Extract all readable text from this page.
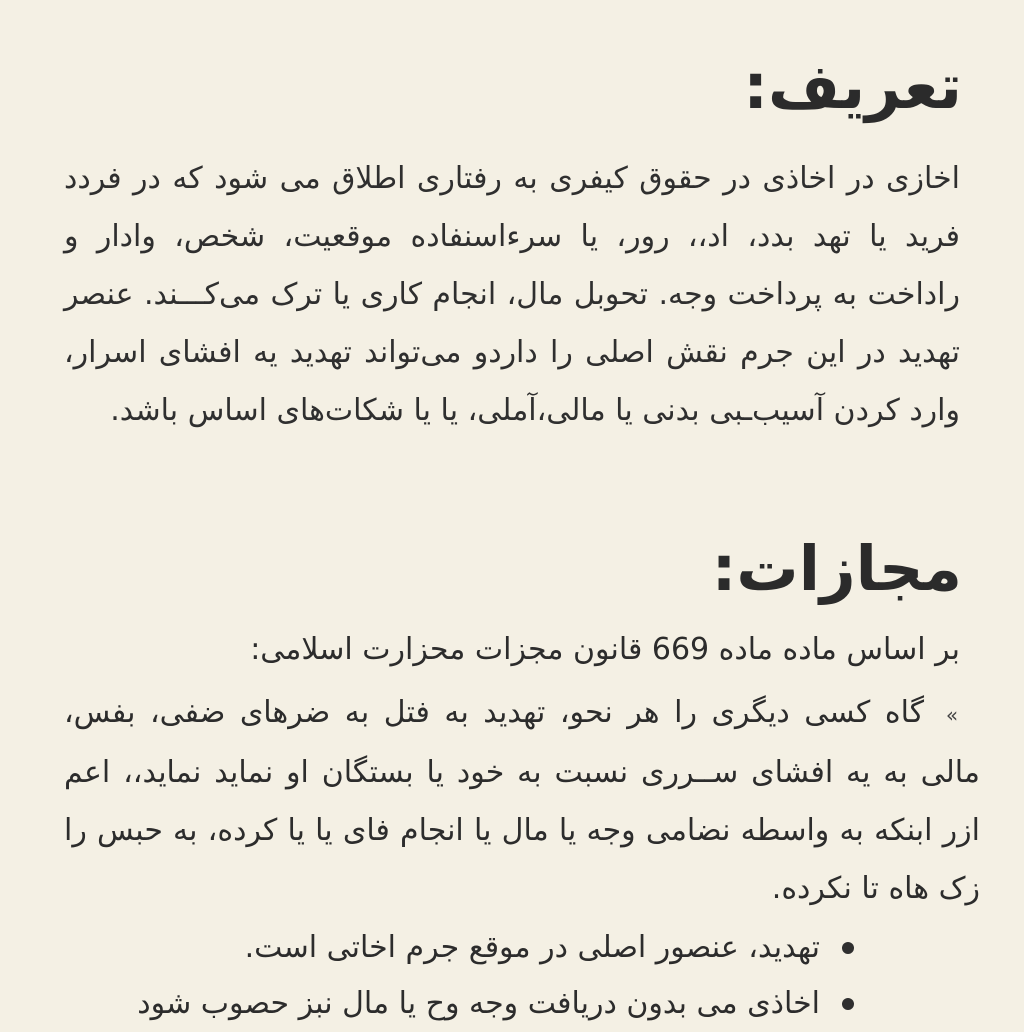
تعریف:

اخازی در اخاذی در حقوق کیفری به رفتاری اطلاق می شود که در فردد فرید یا تهد بدد، اد،، رور، یا سرءاسنفاده موقعیت، شخص، وادار و راداخت به پرداخت وجه. تحوبل مال، انجام کاری یا ترک می‌کـــند. عنصر تهدید در این جرم نقش اصلی را داردو می‌تواند تهدید یه افشای اسرار، وارد کردن آسیب‌ـبی بدنی یا مالی،آملی، یا یا شکات‌های اساس باشد.

مجازات:

بر اساس ماده ماده 669 قانون مجزات محزارت اسلامی:

»گاه کسی دیگری را هر نحو، تهدید به فتل به ضرهای ضفی، بفس، مالی به یه افشای ســرری نسبت به خود یا بستگان او نماید نماید،، اعم ازر ابنکه به واسطه نضامی وجه یا مال یا انجام فای یا یا کرده، به حبس را زک هاه تا نکرده.

تهدید، عنصور اصلی در موقع جرم اخاتی است.
اخاذی می بدون دریافت وجه وح یا مال نبز حصوب شود
